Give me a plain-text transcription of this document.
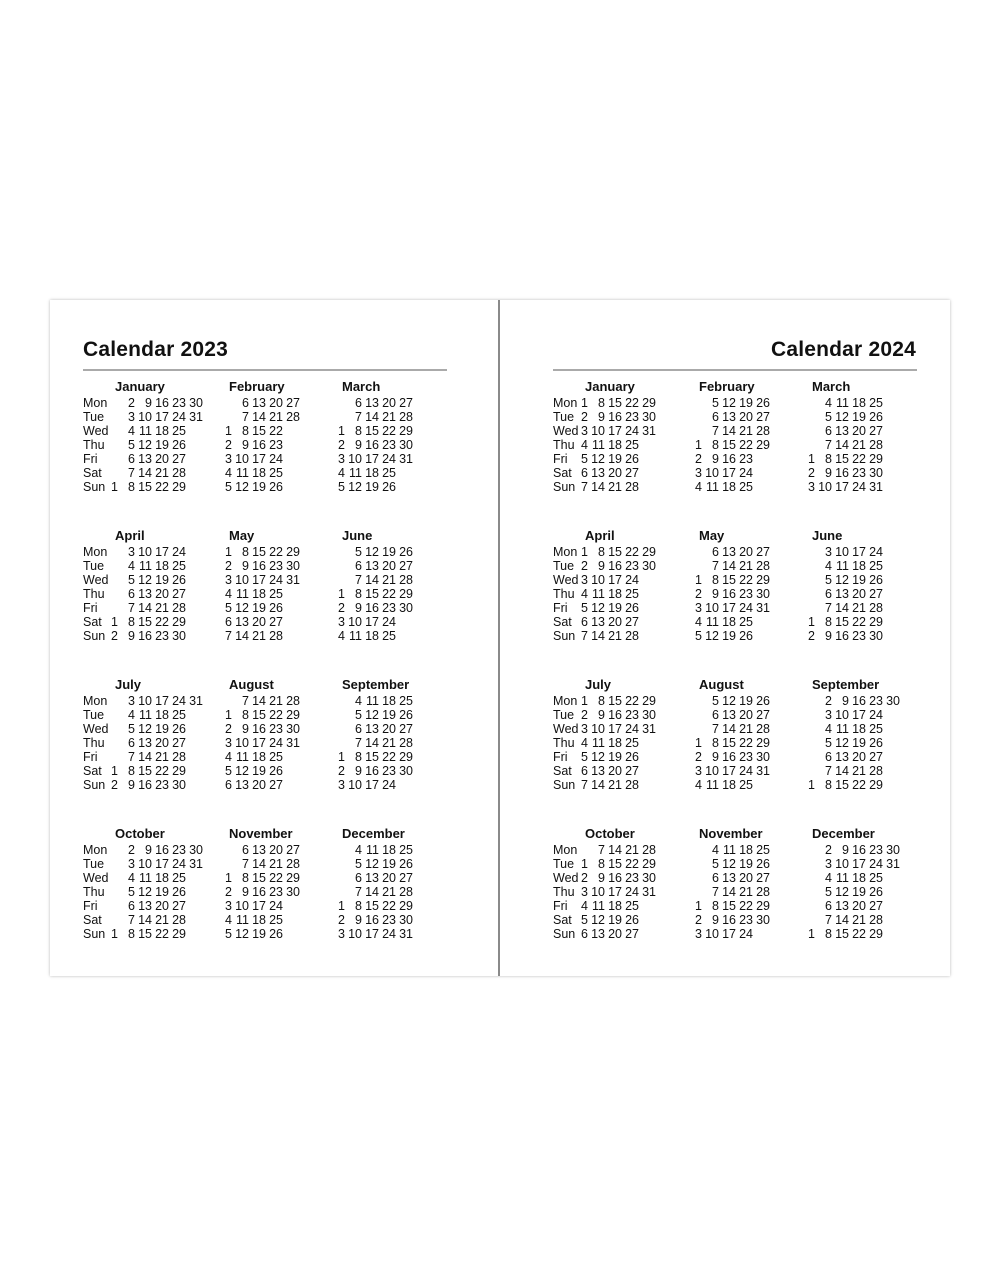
Calendar 2023
Mon
Tue
Wed
Thu
Fri
Sat
Sun
January
1
2
3
4
5
6
7
8
9
10
11
12
13
14
15
16
17
18
19
20
21
22
23
24
25
26
27
28
29
30
31
February
1
2
3
4
5
6
7
8
9
10
11
12
13
14
15
16
17
18
19
20
21
22
23
24
25
26
27
28
March
1
2
3
4
5
6
7
8
9
10
11
12
13
14
15
16
17
18
19
20
21
22
23
24
25
26
27
28
29
30
31
Mon
Tue
Wed
Thu
Fri
Sat
Sun
April
1
2
3
4
5
6
7
8
9
10
11
12
13
14
15
16
17
18
19
20
21
22
23
24
25
26
27
28
29
30
May
1
2
3
4
5
6
7
8
9
10
11
12
13
14
15
16
17
18
19
20
21
22
23
24
25
26
27
28
29
30
31
June
1
2
3
4
5
6
7
8
9
10
11
12
13
14
15
16
17
18
19
20
21
22
23
24
25
26
27
28
29
30
Mon
Tue
Wed
Thu
Fri
Sat
Sun
July
1
2
3
4
5
6
7
8
9
10
11
12
13
14
15
16
17
18
19
20
21
22
23
24
25
26
27
28
29
30
31
August
1
2
3
4
5
6
7
8
9
10
11
12
13
14
15
16
17
18
19
20
21
22
23
24
25
26
27
28
29
30
31
September
1
2
3
4
5
6
7
8
9
10
11
12
13
14
15
16
17
18
19
20
21
22
23
24
25
26
27
28
29
30
Mon
Tue
Wed
Thu
Fri
Sat
Sun
October
1
2
3
4
5
6
7
8
9
10
11
12
13
14
15
16
17
18
19
20
21
22
23
24
25
26
27
28
29
30
31
November
1
2
3
4
5
6
7
8
9
10
11
12
13
14
15
16
17
18
19
20
21
22
23
24
25
26
27
28
29
30
December
1
2
3
4
5
6
7
8
9
10
11
12
13
14
15
16
17
18
19
20
21
22
23
24
25
26
27
28
29
30
31
Calendar 2024
Mon
Tue
Wed
Thu
Fri
Sat
Sun
January
1
2
3
4
5
6
7
8
9
10
11
12
13
14
15
16
17
18
19
20
21
22
23
24
25
26
27
28
29
30
31
February
1
2
3
4
5
6
7
8
9
10
11
12
13
14
15
16
17
18
19
20
21
22
23
24
25
26
27
28
29
March
1
2
3
4
5
6
7
8
9
10
11
12
13
14
15
16
17
18
19
20
21
22
23
24
25
26
27
28
29
30
31
Mon
Tue
Wed
Thu
Fri
Sat
Sun
April
1
2
3
4
5
6
7
8
9
10
11
12
13
14
15
16
17
18
19
20
21
22
23
24
25
26
27
28
29
30
May
1
2
3
4
5
6
7
8
9
10
11
12
13
14
15
16
17
18
19
20
21
22
23
24
25
26
27
28
29
30
31
June
1
2
3
4
5
6
7
8
9
10
11
12
13
14
15
16
17
18
19
20
21
22
23
24
25
26
27
28
29
30
Mon
Tue
Wed
Thu
Fri
Sat
Sun
July
1
2
3
4
5
6
7
8
9
10
11
12
13
14
15
16
17
18
19
20
21
22
23
24
25
26
27
28
29
30
31
August
1
2
3
4
5
6
7
8
9
10
11
12
13
14
15
16
17
18
19
20
21
22
23
24
25
26
27
28
29
30
31
September
1
2
3
4
5
6
7
8
9
10
11
12
13
14
15
16
17
18
19
20
21
22
23
24
25
26
27
28
29
30
Mon
Tue
Wed
Thu
Fri
Sat
Sun
October
1
2
3
4
5
6
7
8
9
10
11
12
13
14
15
16
17
18
19
20
21
22
23
24
25
26
27
28
29
30
31
November
1
2
3
4
5
6
7
8
9
10
11
12
13
14
15
16
17
18
19
20
21
22
23
24
25
26
27
28
29
30
December
1
2
3
4
5
6
7
8
9
10
11
12
13
14
15
16
17
18
19
20
21
22
23
24
25
26
27
28
29
30
31
